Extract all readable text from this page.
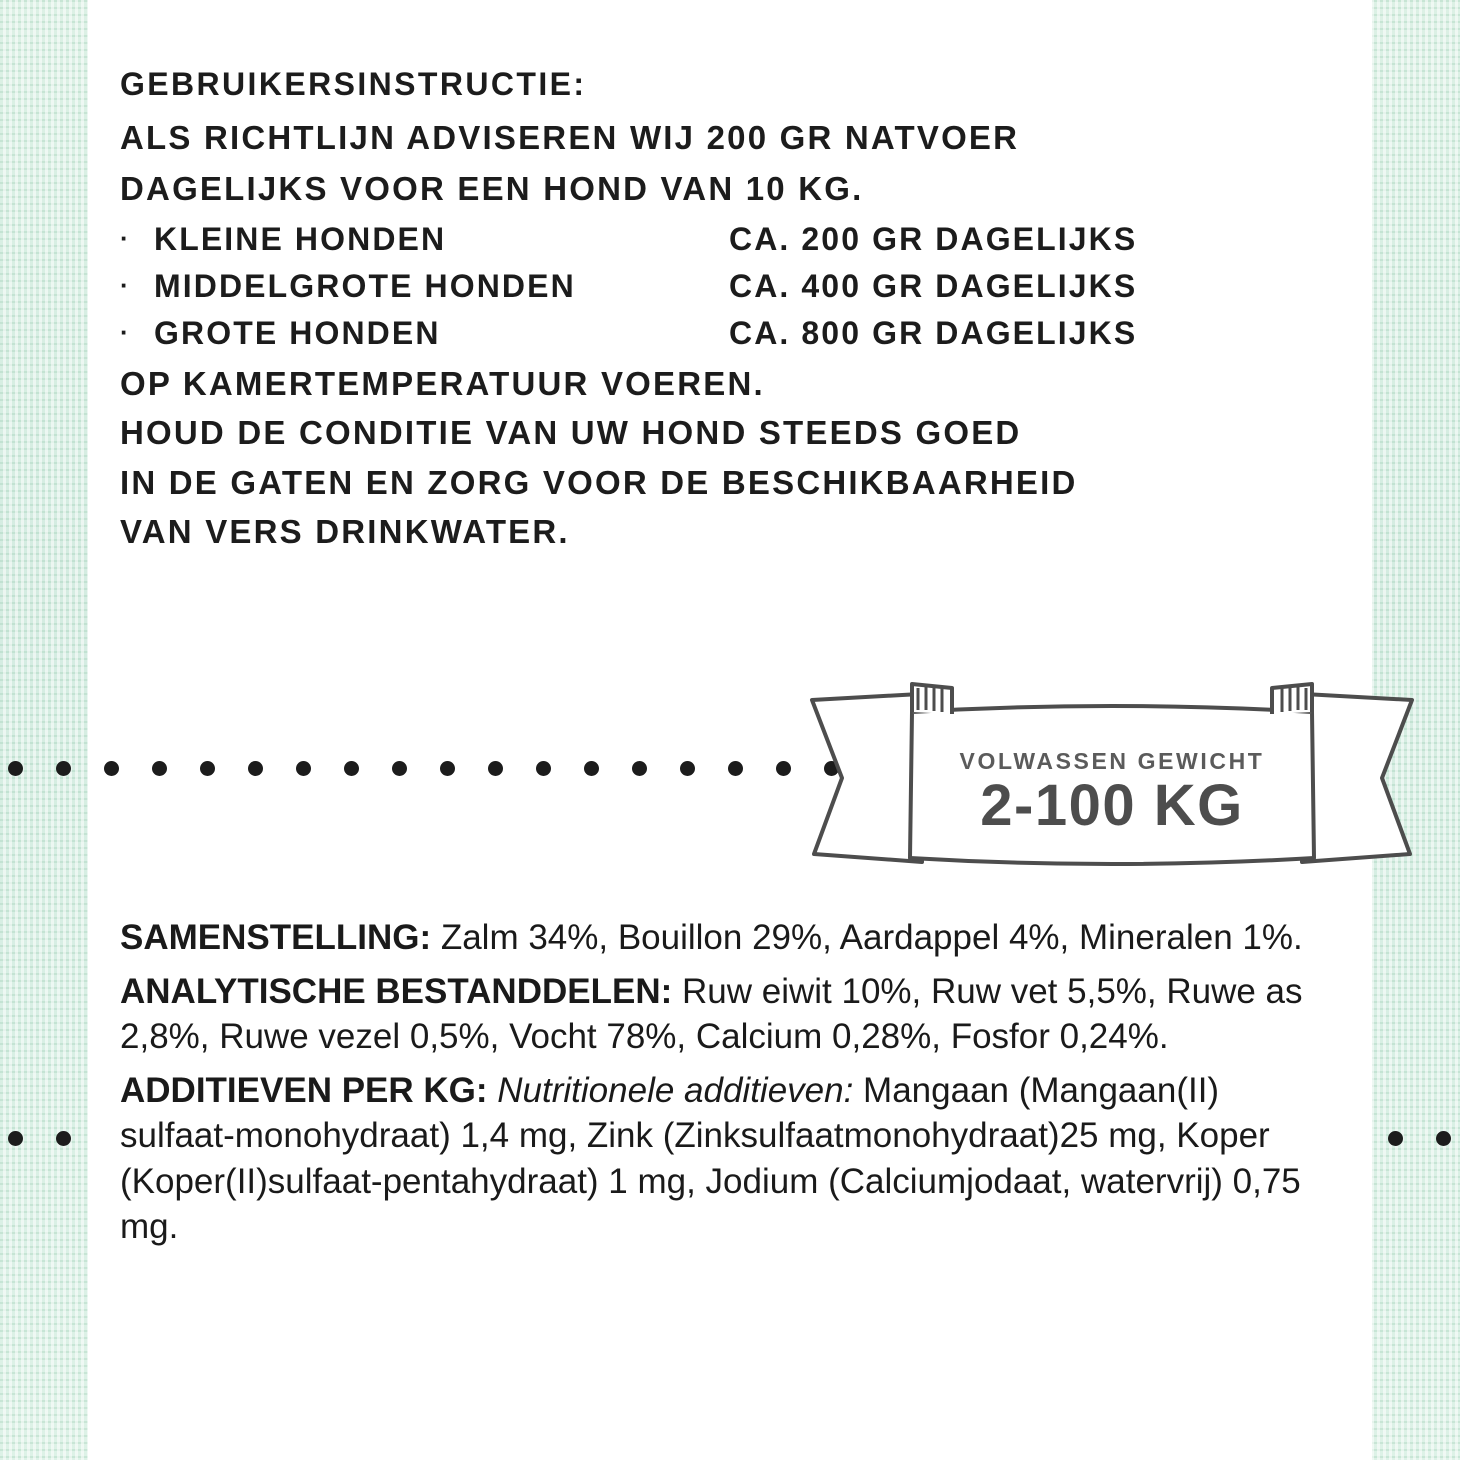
GEBRUIKERSINSTRUCTIE:
ALS RICHTLIJN ADVISEREN WIJ 200 GR NATVOER
DAGELIJKS VOOR EEN HOND VAN 10 KG.
· KLEINE HONDEN	CA. 200 GR DAGELIJKS
· MIDDELGROTE HONDEN	CA. 400 GR DAGELIJKS
· GROTE HONDEN	CA. 800 GR DAGELIJKS
OP KAMERTEMPERATUUR VOEREN.
HOUD DE CONDITIE VAN UW HOND STEEDS GOED
IN DE GATEN EN ZORG VOOR DE BESCHIKBAARHEID
VAN VERS DRINKWATER.
VOLWASSEN GEWICHT
2-100 KG

SAMENSTELLING: Zalm 34%, Bouillon 29%, Aardappel 4%, Mineralen 1%.

ANALYTISCHE BESTANDDELEN: Ruw eiwit 10%, Ruw vet 5,5%, Ruwe as 2,8%, Ruwe vezel 0,5%, Vocht 78%, Calcium 0,28%, Fosfor 0,24%.

ADDITIEVEN PER KG: Nutritionele additieven: Mangaan (Mangaan(II) sulfaat-monohydraat) 1,4 mg, Zink (Zinksulfaatmonohydraat)25 mg, Koper (Koper(II)sulfaat-pentahydraat) 1 mg, Jodium (Calciumjodaat, watervrij) 0,75 mg.
